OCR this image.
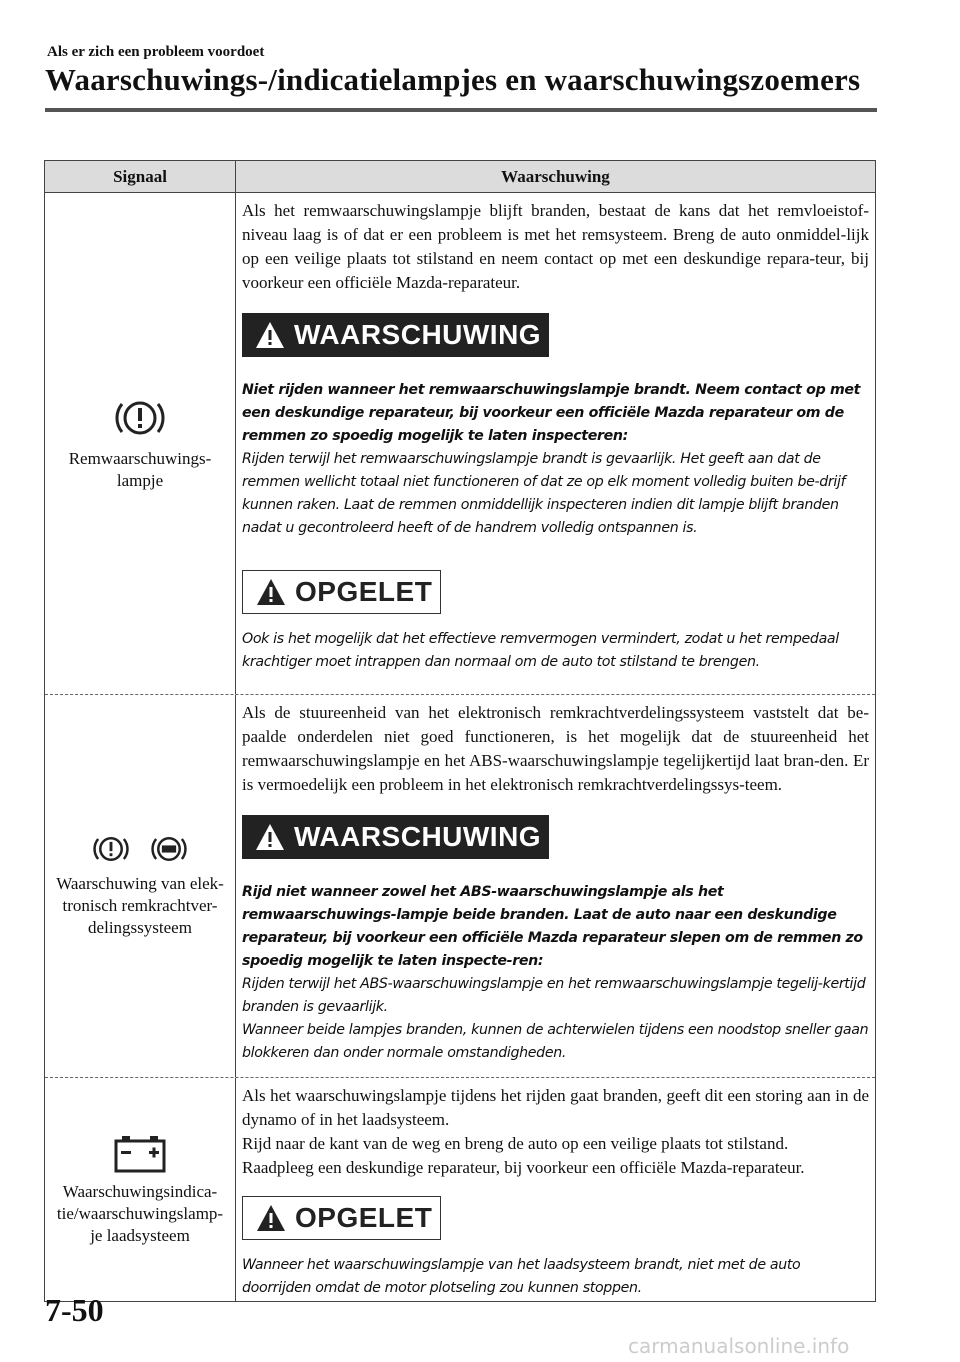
Als er zich een probleem voordoet
Waarschuwings-/indicatielampjes en waarschuwingszoemers
Signaal	Waarschuwing
Remwaarschuwings-
lampje

Als het remwaarschuwingslampje blijft branden, bestaat de kans dat het remvloeistof-niveau laag is of dat er een probleem is met het remsysteem. Breng de auto onmiddel-lijk op een veilige plaats tot stilstand en neem contact op met een deskundige repara-teur, bij voorkeur een officiële Mazda-reparateur.

WAARSCHUWING

Niet rijden wanneer het remwaarschuwingslampje brandt. Neem contact op met een deskundige reparateur, bij voorkeur een officiële Mazda reparateur om de remmen zo spoedig mogelijk te laten inspecteren:

Rijden terwijl het remwaarschuwingslampje brandt is gevaarlijk. Het geeft aan dat de remmen wellicht totaal niet functioneren of dat ze op elk moment volledig buiten be-drijf kunnen raken. Laat de remmen onmiddellijk inspecteren indien dit lampje blijft branden nadat u gecontroleerd heeft of de handrem volledig ontspannen is.

OPGELET

Ook is het mogelijk dat het effectieve remvermogen vermindert, zodat u het rempedaal krachtiger moet intrappen dan normaal om de auto tot stilstand te brengen.

Waarschuwing van elek-
tronisch remkrachtver-
delingssysteem

Als de stuureenheid van het elektronisch remkrachtverdelingssysteem vaststelt dat be-paalde onderdelen niet goed functioneren, is het mogelijk dat de stuureenheid het remwaarschuwingslampje en het ABS-waarschuwingslampje tegelijkertijd laat bran-den. Er is vermoedelijk een probleem in het elektronisch remkrachtverdelingssys-teem.

WAARSCHUWING

Rijd niet wanneer zowel het ABS-waarschuwingslampje als het remwaarschuwings-lampje beide branden. Laat de auto naar een deskundige reparateur, bij voorkeur een officiële Mazda reparateur slepen om de remmen zo spoedig mogelijk te laten inspecte-ren:

Rijden terwijl het ABS-waarschuwingslampje en het remwaarschuwingslampje tegelij-kertijd branden is gevaarlijk.

Wanneer beide lampjes branden, kunnen de achterwielen tijdens een noodstop sneller gaan blokkeren dan onder normale omstandigheden.

Waarschuwingsindica-
tie/waarschuwingslamp-
je laadsysteem

Als het waarschuwingslampje tijdens het rijden gaat branden, geeft dit een storing aan in de dynamo of in het laadsysteem.

Rijd naar de kant van de weg en breng de auto op een veilige plaats tot stilstand.

Raadpleeg een deskundige reparateur, bij voorkeur een officiële Mazda-reparateur.

OPGELET

Wanneer het waarschuwingslampje van het laadsysteem brandt, niet met de auto doorrijden omdat de motor plotseling zou kunnen stoppen.

7-50
carmanualsonline.info
